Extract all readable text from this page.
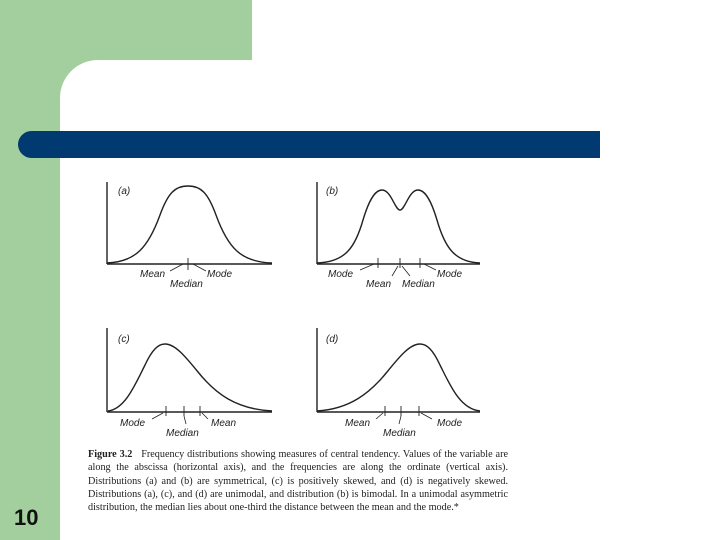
(a)	(b)
(c)	(d)
Mean
Median
Mode	Mode
Mean Median
Mode
Mode
Median
Mean	Mean
Median
Mode
Figure 3.2 Frequency distributions showing measures of central tendency. Values of the variable are along the abscissa (horizontal axis), and the frequencies are along the ordinate (vertical axis). Distributions (a) and (b) are symmetrical, (c) is positively skewed, and (d) is negatively skewed. Distributions (a), (c), and (d) are unimodal, and distribution (b) is bimodal. In a unimodal asymmetric distribution, the median lies about one-third the distance between the mean and the mode.*
10
